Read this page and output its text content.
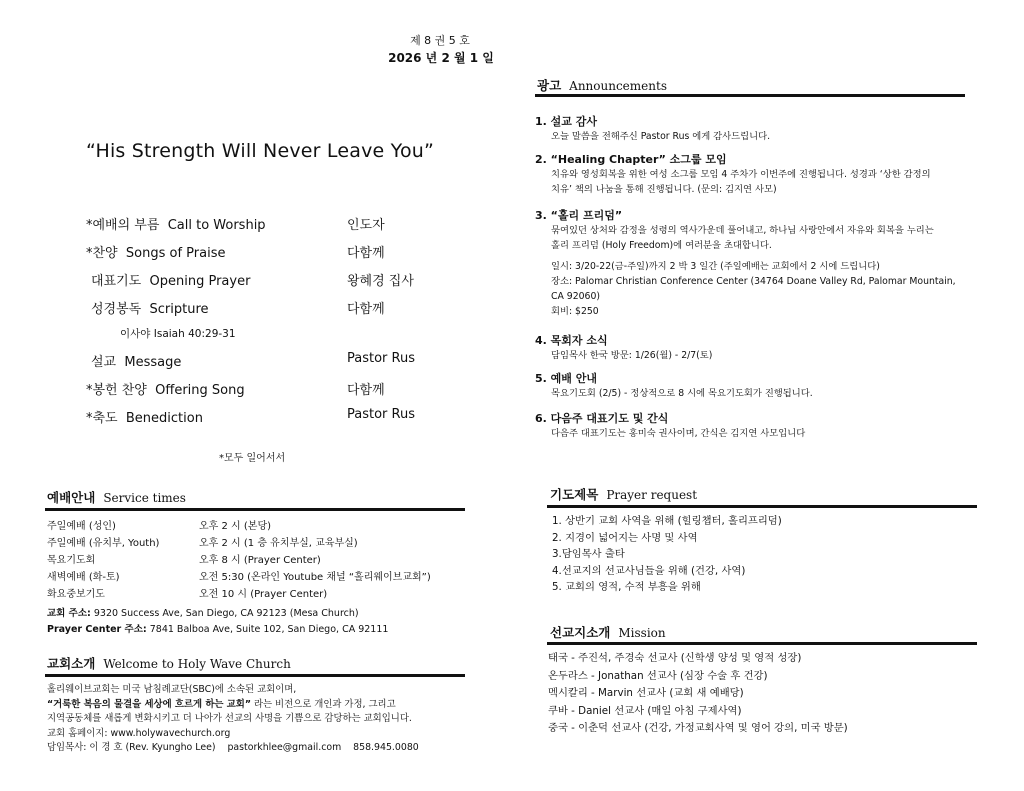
제 8 권 5 호
2026 년 2 월 1 일
“His Strength Will Never Leave You”
*예배의 부름 Call to Worship	인도자
*찬양 Songs of Praise	다함께
대표기도 Opening Prayer	왕혜경 집사
성경봉독 Scripture	다함께
이사야 Isaiah 40:29-31
설교 Message	Pastor Rus
*봉헌 찬양 Offering Song	다함께
*축도 Benediction	Pastor Rus
*모두 일어서서
예배안내 Service times
주일예배 (성인)	오후 2 시 (본당)
주일예배 (유치부, Youth)	오후 2 시 (1 층 유치부실, 교육부실)
목요기도회	오후 8 시 (Prayer Center)
새벽예배 (화-토)	오전 5:30 (온라인 Youtube 채널 “홀리웨이브교회”)
화요중보기도	오전 10 시 (Prayer Center)
교회 주소: 9320 Success Ave, San Diego, CA 92123 (Mesa Church)
Prayer Center 주소: 7841 Balboa Ave, Suite 102, San Diego, CA 92111
교회소개 Welcome to Holy Wave Church
홀리웨이브교회는 미국 남침례교단(SBC)에 소속된 교회이며,
“거룩한 복음의 물결을 세상에 흐르게 하는 교회” 라는 비전으로 개인과 가정, 그리고
지역공동체를 새롭게 변화시키고 더 나아가 선교의 사명을 기쁨으로 감당하는 교회입니다.
교회 홈페이지: www.holywavechurch.org
담임목사: 이 경 호 (Rev. Kyungho Lee)    pastorkhlee@gmail.com    858.945.0080
광고 Announcements
1. 설교 감사
오늘 말씀을 전해주신 Pastor Rus 에게 감사드립니다.
2. “Healing Chapter” 소그룹 모임
치유와 영성회복을 위한 여성 소그룹 모임 4 주차가 이번주에 진행됩니다. 성경과 ‘상한 감정의
치유’ 책의 나눔을 통해 진행됩니다. (문의: 김지연 사모)
3. “홀리 프리덤”
묶여있던 상처와 감정을 성령의 역사가운데 풀어내고, 하나님 사랑안에서 자유와 회복을 누리는
홀리 프리덤 (Holy Freedom)에 여러분을 초대합니다.
일시: 3/20-22(금-주일)까지 2 박 3 일간 (주일예배는 교회에서 2 시에 드립니다)
장소: Palomar Christian Conference Center (34764 Doane Valley Rd, Palomar Mountain,
CA 92060)
회비: $250
4. 목회자 소식
담임목사 한국 방문: 1/26(월) - 2/7(토)
5. 예배 안내
목요기도회 (2/5) - 정상적으로 8 시에 목요기도회가 진행됩니다.
6. 다음주 대표기도 및 간식
다음주 대표기도는 홍미숙 권사이며, 간식은 김지연 사모입니다
기도제목 Prayer request
1. 상반기 교회 사역을 위해 (힐링챕터, 홀리프리덤)
2. 지경이 넓어지는 사명 및 사역
3.담임목사 출타
4.선교지의 선교사님들을 위해 (건강, 사역)
5. 교회의 영적, 수적 부흥을 위해
선교지소개 Mission
태국 - 주진석, 주경숙 선교사 (신학생 양성 및 영적 성장)
온두라스 - Jonathan 선교사 (심장 수술 후 건강)
멕시칼리 - Marvin 선교사 (교회 새 예배당)
쿠바 - Daniel 선교사 (매일 아침 구제사역)
중국 - 이춘덕 선교사 (건강, 가정교회사역 및 영어 강의, 미국 방문)
